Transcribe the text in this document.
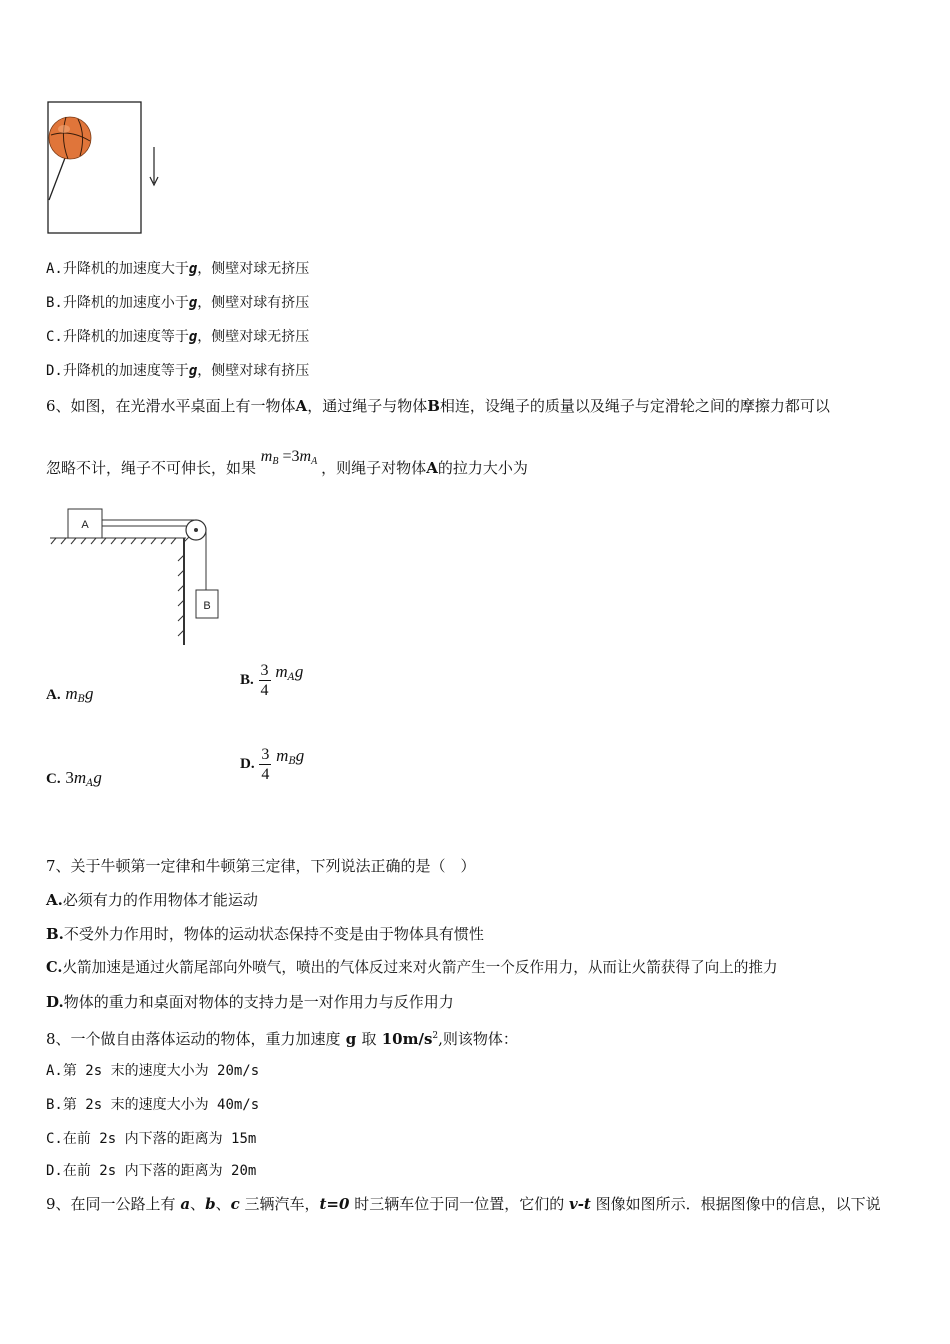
A.升降机的加速度大于g，侧壁对球无挤压
B.升降机的加速度小于g，侧壁对球有挤压
C.升降机的加速度等于g，侧壁对球无挤压
D.升降机的加速度等于g，侧壁对球有挤压
6、如图，在光滑水平桌面上有一物体A，通过绳子与物体B相连，设绳子的质量以及绳子与定滑轮之间的摩擦力都可以
忽略不计，绳子不可伸长，如果 $m_B =3m_A$ ，则绳子对物体A的拉力大小为
A
B
A. $m_Bg$
B. $\frac{3}{4} m_Ag$
C. $3m_Ag$
D. $\frac{3}{4} m_Bg$
7、关于牛顿第一定律和牛顿第三定律，下列说法正确的是（　）
A.必须有力的作用物体才能运动
B.不受外力作用时，物体的运动状态保持不变是由于物体具有惯性
C.火箭加速是通过火箭尾部向外喷气，喷出的气体反过来对火箭产生一个反作用力，从而让火箭获得了向上的推力
D.物体的重力和桌面对物体的支持力是一对作用力与反作用力
8、一个做自由落体运动的物体，重力加速度 g 取 $10m/s^2$,则该物体：
A.第 2s 末的速度大小为 20m/s
B.第 2s 末的速度大小为 40m/s
C.在前 2s 内下落的距离为 15m
D.在前 2s 内下落的距离为 20m
9、在同一公路上有 a、b、c 三辆汽车，t=0 时三辆车位于同一位置，它们的 v-t 图像如图所示．根据图像中的信息，以下说
